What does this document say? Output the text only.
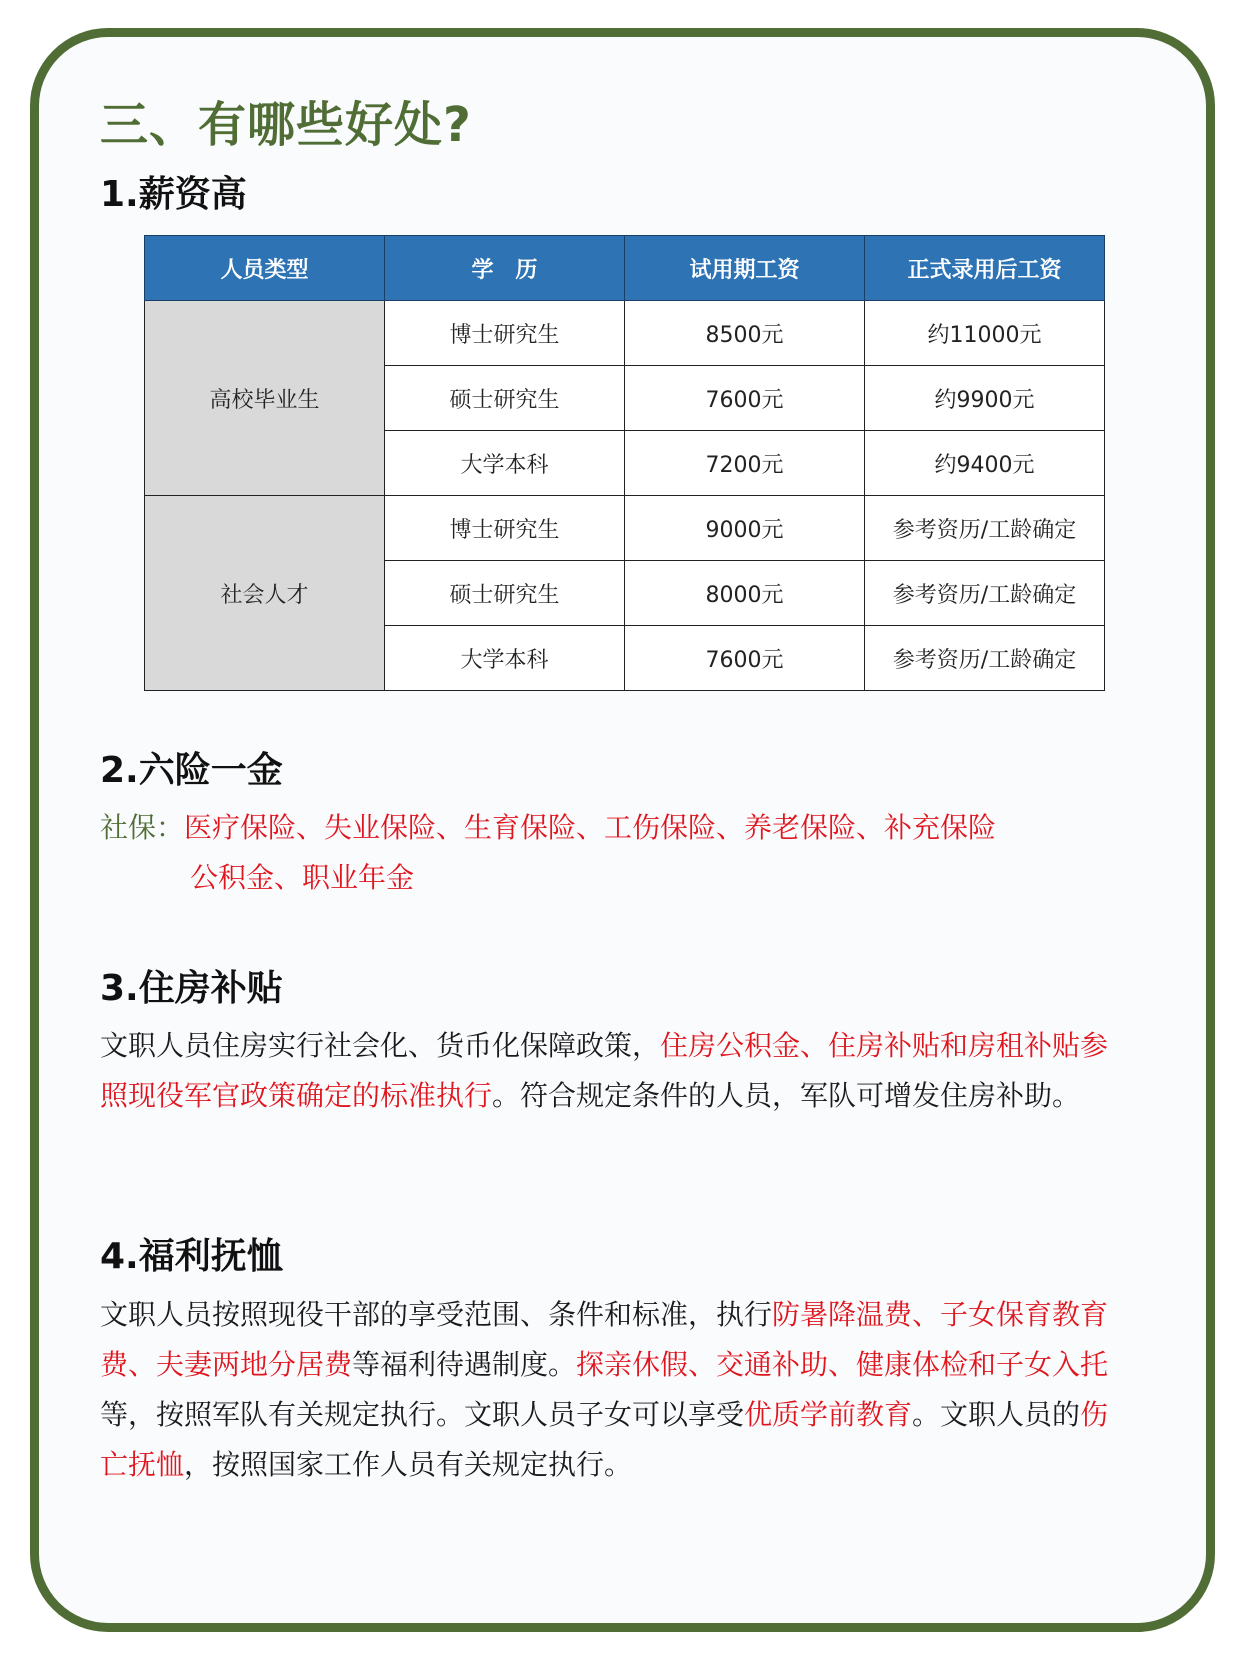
三、有哪些好处?
1.薪资高
人员类型	学　历	试用期工资	正式录用后工资
高校毕业生	博士研究生	8500元	约11000元
	硕士研究生	7600元	约9900元
	大学本科	7200元	约9400元
社会人才	博士研究生	9000元	参考资历/工龄确定
	硕士研究生	8000元	参考资历/工龄确定
	大学本科	7600元	参考资历/工龄确定
2.六险一金

社保：医疗保险、失业保险、生育保险、工伤保险、养老保险、补充保险

公积金、职业年金

3.住房补贴

文职人员住房实行社会化、货币化保障政策，住房公积金、住房补贴和房租补贴参照现役军官政策确定的标准执行。符合规定条件的人员，军队可增发住房补助。

4.福利抚恤

文职人员按照现役干部的享受范围、条件和标准，执行防暑降温费、子女保育教育费、夫妻两地分居费等福利待遇制度。探亲休假、交通补助、健康体检和子女入托等，按照军队有关规定执行。文职人员子女可以享受优质学前教育。文职人员的伤亡抚恤，按照国家工作人员有关规定执行。
